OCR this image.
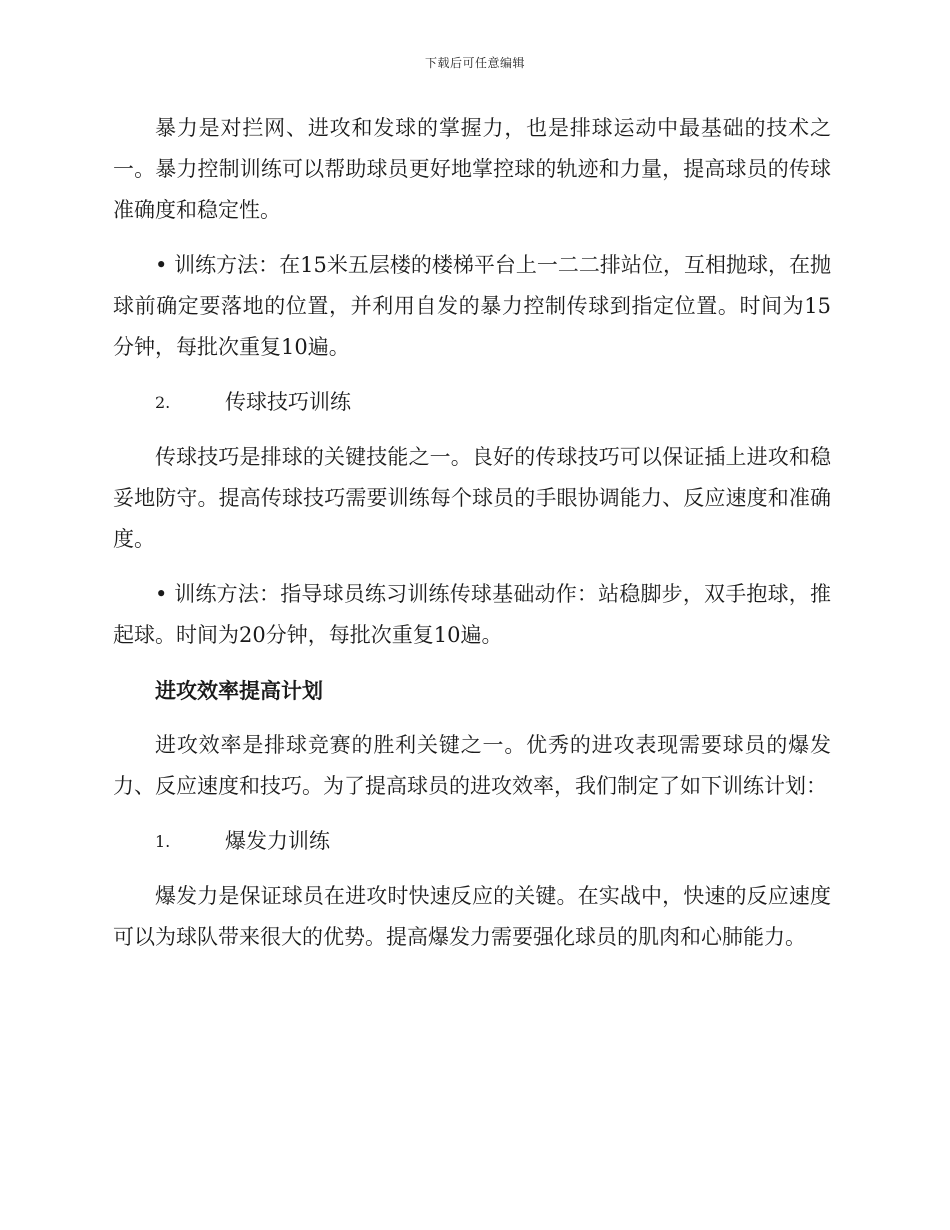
下载后可任意编辑

暴力是对拦网、进攻和发球的掌握力，也是排球运动中最基础的技术之一。暴力控制训练可以帮助球员更好地掌控球的轨迹和力量，提高球员的传球准确度和稳定性。

• 训练方法：在15米五层楼的楼梯平台上一二二排站位，互相抛球，在抛球前确定要落地的位置，并利用自发的暴力控制传球到指定位置。时间为15分钟，每批次重复10遍。

2.	传球技巧训练

传球技巧是排球的关键技能之一。良好的传球技巧可以保证插上进攻和稳妥地防守。提高传球技巧需要训练每个球员的手眼协调能力、反应速度和准确度。

• 训练方法：指导球员练习训练传球基础动作：站稳脚步，双手抱球，推起球。时间为20分钟，每批次重复10遍。

进攻效率提高计划

进攻效率是排球竞赛的胜利关键之一。优秀的进攻表现需要球员的爆发力、反应速度和技巧。为了提高球员的进攻效率，我们制定了如下训练计划：

1.	爆发力训练

爆发力是保证球员在进攻时快速反应的关键。在实战中，快速的反应速度可以为球队带来很大的优势。提高爆发力需要强化球员的肌肉和心肺能力。
